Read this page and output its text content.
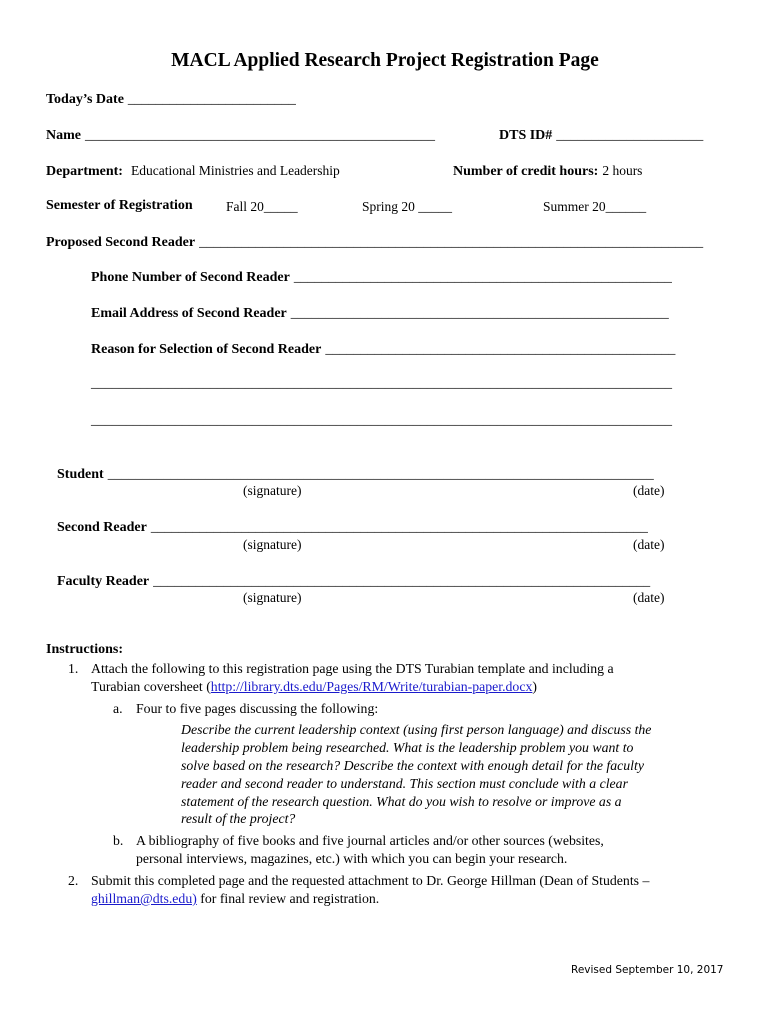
MACL Applied Research Project Registration Page
Today’s Date ________________________
Name __________________________________________________	DTS ID# _____________________
Department: Educational Ministries and Leadership	Number of credit hours: 2 hours
Semester of Registration Fall 20_____	Spring 20 _____	Summer 20______
Proposed Second Reader ________________________________________________________________________
Phone Number of Second Reader ______________________________________________________
Email Address of Second Reader ______________________________________________________
Reason for Selection of Second Reader __________________________________________________
___________________________________________________________________________________
___________________________________________________________________________________
Student ______________________________________________________________________________
(signature)	(date)
Second Reader _______________________________________________________________________
(signature)	(date)
Faculty Reader _______________________________________________________________________
(signature)	(date)
Instructions:
1. Attach the following to this registration page using the DTS Turabian template and including a
Turabian coversheet (http://library.dts.edu/Pages/RM/Write/turabian-paper.docx)
a. Four to five pages discussing the following:
Describe the current leadership context (using first person language) and discuss the
leadership problem being researched. What is the leadership problem you want to
solve based on the research? Describe the context with enough detail for the faculty
reader and second reader to understand. This section must conclude with a clear
statement of the research question. What do you wish to resolve or improve as a
result of the project?
b. A bibliography of five books and five journal articles and/or other sources (websites,
personal interviews, magazines, etc.) with which you can begin your research.
2. Submit this completed page and the requested attachment to Dr. George Hillman (Dean of Students –
ghillman@dts.edu) for final review and registration.
Revised September 10, 2017
